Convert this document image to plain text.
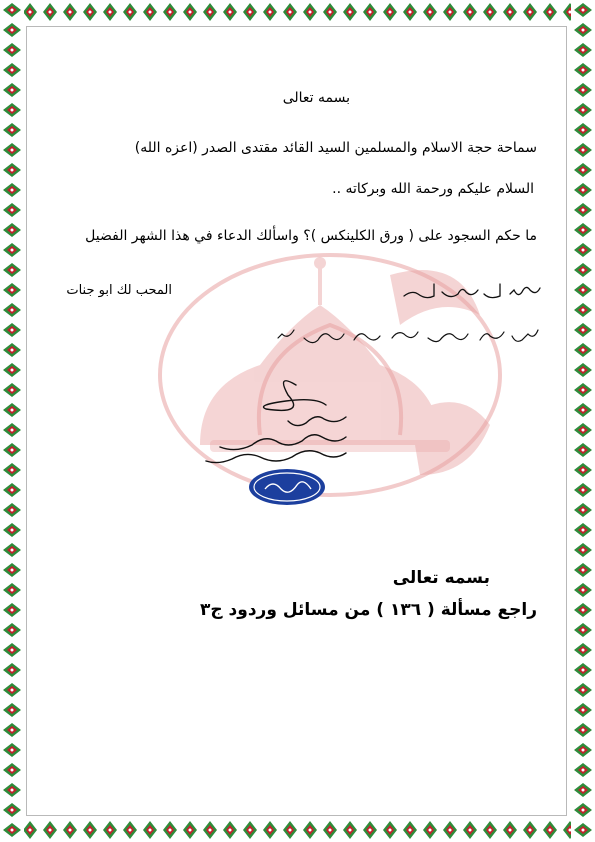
بسمه تعالى
سماحة حجة الاسلام والمسلمين السيد القائد مقتدى الصدر (اعزه الله)
السلام عليكم ورحمة الله وبركاته ..
ما حكم السجود على ( ورق الكلينكس )؟ واسألك الدعاء في هذا الشهر الفضيل
المحب لك ابو جنات
بسمه تعالى
راجع مسألة ( ١٣٦ ) من مسائل وردود ج٣
